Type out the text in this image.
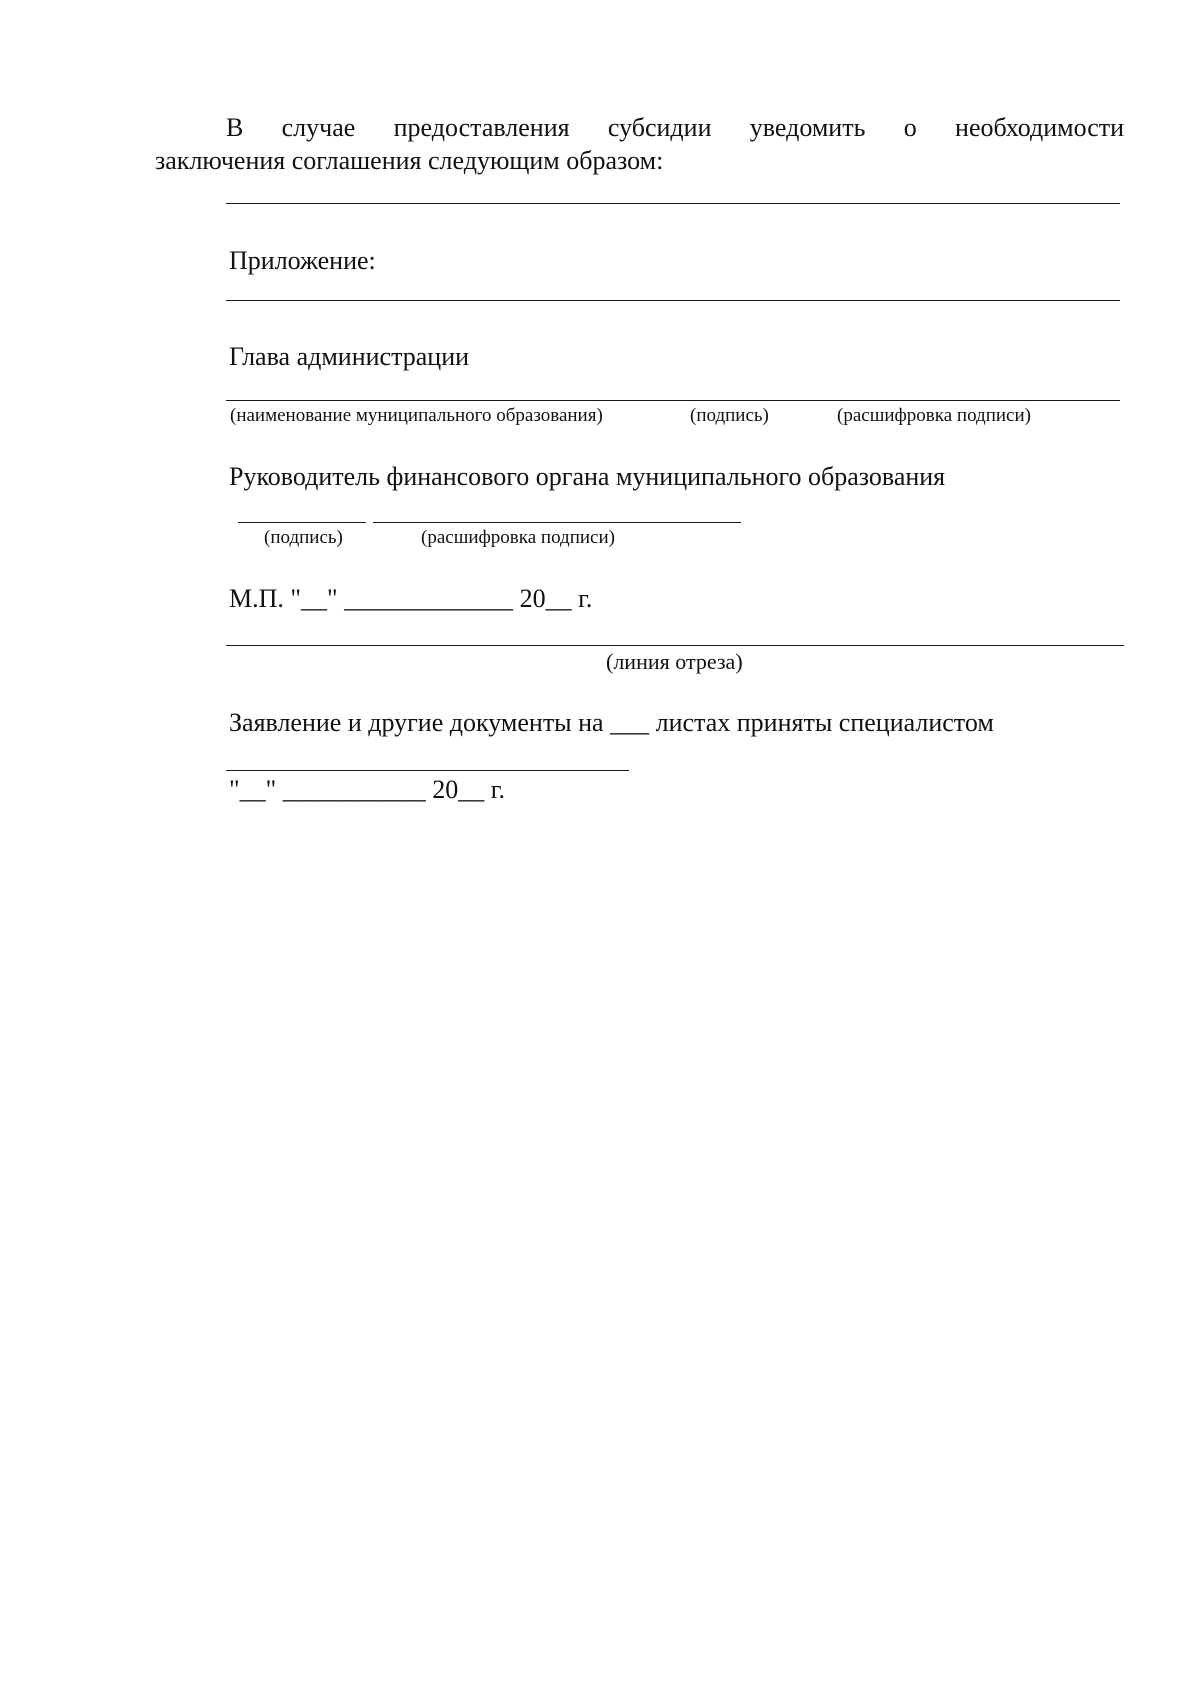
В случае предоставления субсидии уведомить о необходимости
заключения соглашения следующим образом:
Приложение:
Глава администрации
(наименование муниципального образования)	(подпись)	(расшифровка подписи)
Руководитель финансового органа муниципального образования
(подпись)	(расшифровка подписи)
М.П. "__" _____________ 20__ г.
(линия отреза)
Заявление и другие документы на ___ листах приняты специалистом
"__" ___________ 20__ г.
